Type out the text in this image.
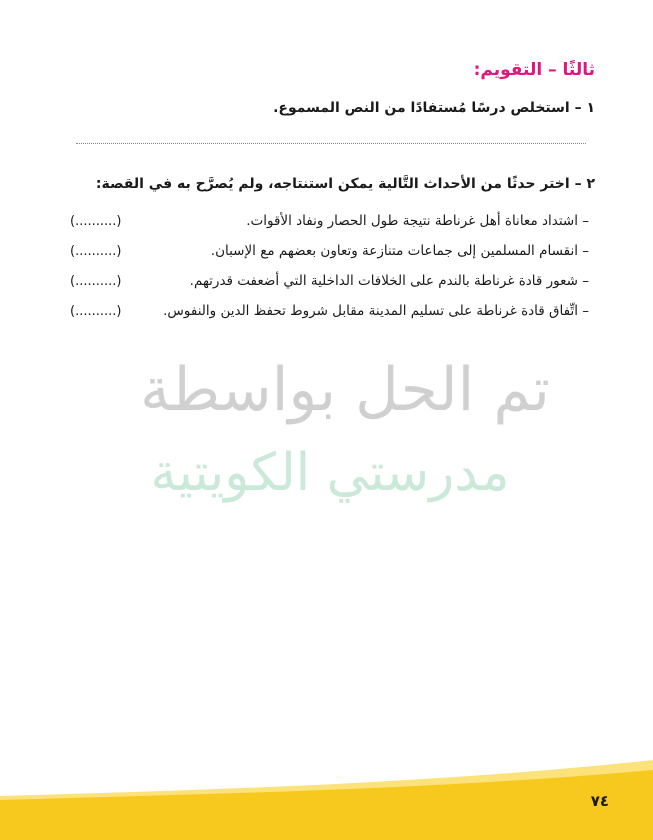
ثالثًا – التقويم:
١ – استخلص درسًا مُستفادًا من النص المسموع.
٢ – اختر حدثًا من الأحداث التَّالية يمكن استنتاجه، ولم يُصرَّح به في القصة:
– اشتداد معاناة أهل غرناطة نتيجة طول الحصار ونفاد الأقوات.
(..........)
– انقسام المسلمين إلى جماعات متنازعة وتعاون بعضهم مع الإسبان.
(..........)
– شعور قادة غرناطة بالندم على الخلافات الداخلية التي أضعفت قدرتهم.
(..........)
– اتِّفاق قادة غرناطة على تسليم المدينة مقابل شروط تحفظ الدين والنفوس.
(..........)
تم الحل بواسطة
مدرستي الكويتية
٧٤
